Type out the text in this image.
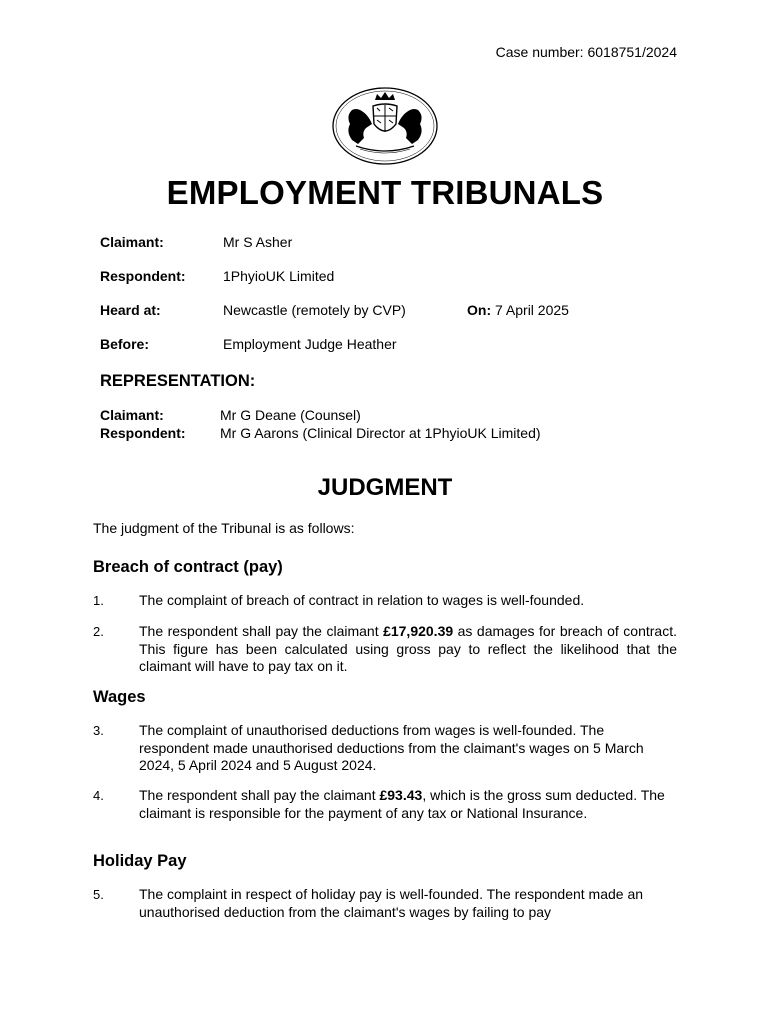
Case number: 6018751/2024
EMPLOYMENT TRIBUNALS
Claimant:	Mr S Asher
Respondent:	1PhyioUK Limited
Heard at:	Newcastle (remotely by CVP)	On: 7 April 2025
Before:	Employment Judge Heather
REPRESENTATION:
Claimant:	Mr G Deane (Counsel)
Respondent: Mr G Aarons (Clinical Director at 1PhyioUK Limited)
JUDGMENT
The judgment of the Tribunal is as follows:
Breach of contract (pay)
1.	The complaint of breach of contract in relation to wages is well-founded.
2.	The respondent shall pay the claimant £17,920.39 as damages for breach of contract. This figure has been calculated using gross pay to reflect the likelihood that the claimant will have to pay tax on it.
Wages
3.	The complaint of unauthorised deductions from wages is well-founded. The respondent made unauthorised deductions from the claimant's wages on 5 March 2024, 5 April 2024 and 5 August 2024.
4.	The respondent shall pay the claimant £93.43, which is the gross sum deducted. The claimant is responsible for the payment of any tax or National Insurance.
Holiday Pay
5.	The complaint in respect of holiday pay is well-founded. The respondent made an unauthorised deduction from the claimant's wages by failing to pay
